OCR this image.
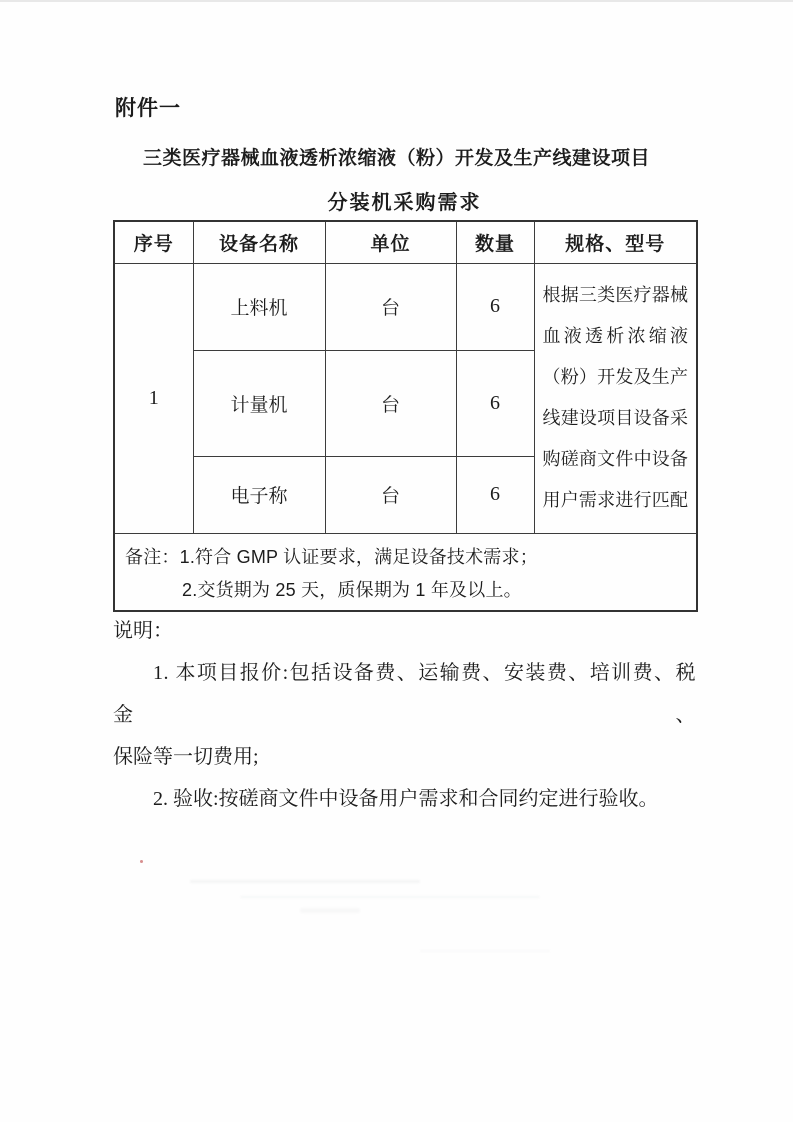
附件一
三类医疗器械血液透析浓缩液（粉）开发及生产线建设项目
分装机采购需求
序号	设备名称	单位	数量	规格、型号
1	上料机	台	6	根据三类医疗器械
血液透析浓缩液
（粉）开发及生产
线建设项目设备采
购磋商文件中设备
用户需求进行匹配

	计量机	台	6	
	电子称	台	6	

备注：1.符合 GMP 认证要求，满足设备技术需求；
2.交货期为 25 天，质保期为 1 年及以上。				
说明：
1. 本项目报价:包括设备费、运输费、安装费、培训费、税金、
保险等一切费用;
2. 验收:按磋商文件中设备用户需求和合同约定进行验收。
